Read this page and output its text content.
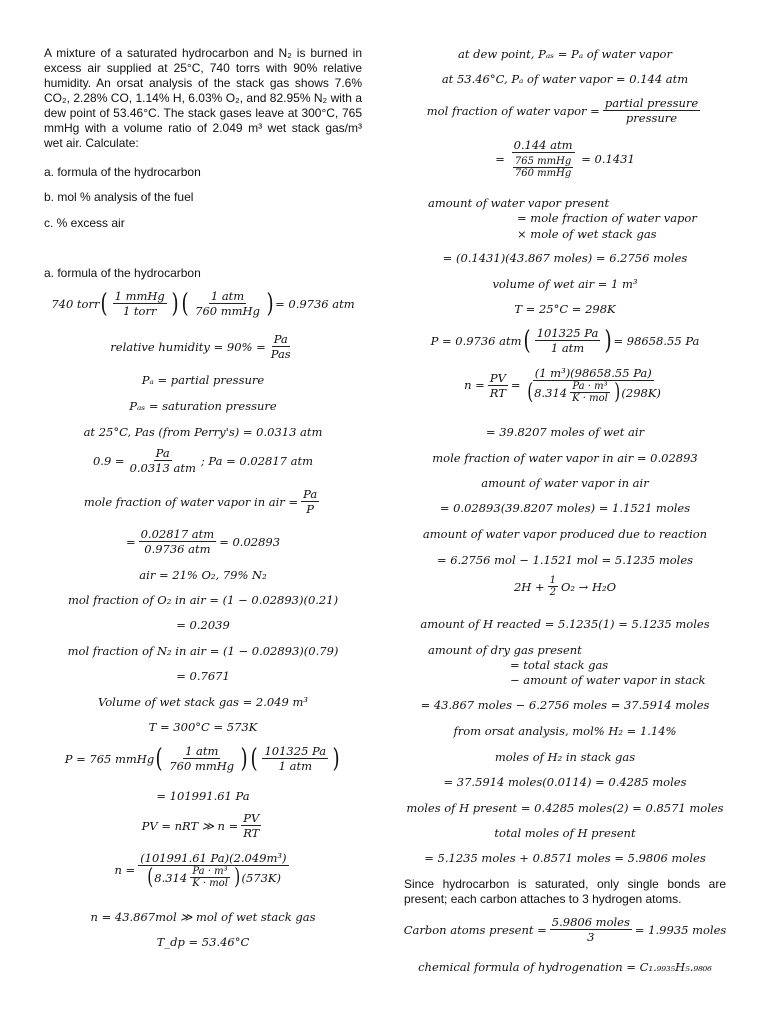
A mixture of a saturated hydrocarbon and N₂ is burned in excess air supplied at 25°C, 740 torrs with 90% relative humidity. An orsat analysis of the stack gas shows 7.6% CO₂, 2.28% CO, 1.14% H, 6.03% O₂, and 82.95% N₂ with a dew point of 53.46°C. The stack gases leave at 300°C, 765 mmHg with a volume ratio of 2.049 m³ wet stack gas/m³ wet air. Calculate:
a. formula of the hydrocarbon
b. mol % analysis of the fuel
c. % excess air
a. formula of the hydrocarbon
740 torr ( 1 mmHg
1 torr ) ( 1 atm
760 mmHg ) = 0.9736 atm
relative humidity = 90% =
Pa
Pas
Pₐ = partial pressure
Pₐₛ = saturation pressure
at 25°C, Pas (from Perry's) = 0.0313 atm
0.9 =
Pa
0.0313 atm
; Pa = 0.02817 atm
mole fraction of water vapor in air = $\frac{Pa}{P}$
=
0.02817 atm
0.9736 atm
= 0.02893
air = 21% O₂, 79% N₂
mol fraction of O₂ in air = (1 − 0.02893)(0.21)
= 0.2039
mol fraction of N₂ in air = (1 − 0.02893)(0.79)
= 0.7671
Volume of wet stack gas = 2.049 m³
T = 300°C = 573K
P = 765 mmHg ( 1 atm
760 mmHg ) ( 101325 Pa
1 atm )
= 101991.61 Pa
PV = nRT ≫ $n = \frac{PV}{RT}$
n =
(101991.61 Pa)(2.049m³)
( 8.314 Pa · m³
K · mol ) (573K)
n = 43.867mol ≫ mol of wet stack gas
T_dp = 53.46°C
at dew point, Pₐₛ = Pₐ of water vapor
at 53.46°C, Pₐ of water vapor = 0.144 atm
mol fraction of water vapor =
partial pressure
pressure
=
0.144 atm
765 mmHg
760 mmHg
= 0.1431
amount of water vapor present
= mole fraction of water vapor
× mole of wet stack gas
= (0.1431)(43.867 moles) = 6.2756 moles
volume of wet air = 1 m³
T = 25°C = 298K
P = 0.9736 atm ( 101325 Pa
1 atm ) = 98658.55 Pa
$n = \frac{PV}{RT}$ =
(1 m³)(98658.55 Pa)
( 8.314 Pa · m³
K · mol ) (298K)
= 39.8207 moles of wet air
mole fraction of water vapor in air = 0.02893
amount of water vapor in air
= 0.02893(39.8207 moles) = 1.1521 moles
amount of water vapor produced due to reaction
= 6.2756 mol − 1.1521 mol = 5.1235 moles
$2H + \frac{1}{2} O_2 \to H_2O$
amount of H reacted = 5.1235(1) = 5.1235 moles
amount of dry gas present
= total stack gas
− amount of water vapor in stack
= 43.867 moles − 6.2756 moles = 37.5914 moles
from orsat analysis, mol% H₂ = 1.14%
moles of H₂ in stack gas
= 37.5914 moles(0.0114) = 0.4285 moles
moles of H present = 0.4285 moles(2) = 0.8571 moles
total moles of H present
= 5.1235 moles + 0.8571 moles = 5.9806 moles
Since hydrocarbon is saturated, only single bonds are present; each carbon attaches to 3 hydrogen atoms.
Carbon atoms present =
5.9806 moles
3
= 1.9935 moles
chemical formula of hydrogenation = C₁.₉₉₃₅H₅.₉₈₀₆
